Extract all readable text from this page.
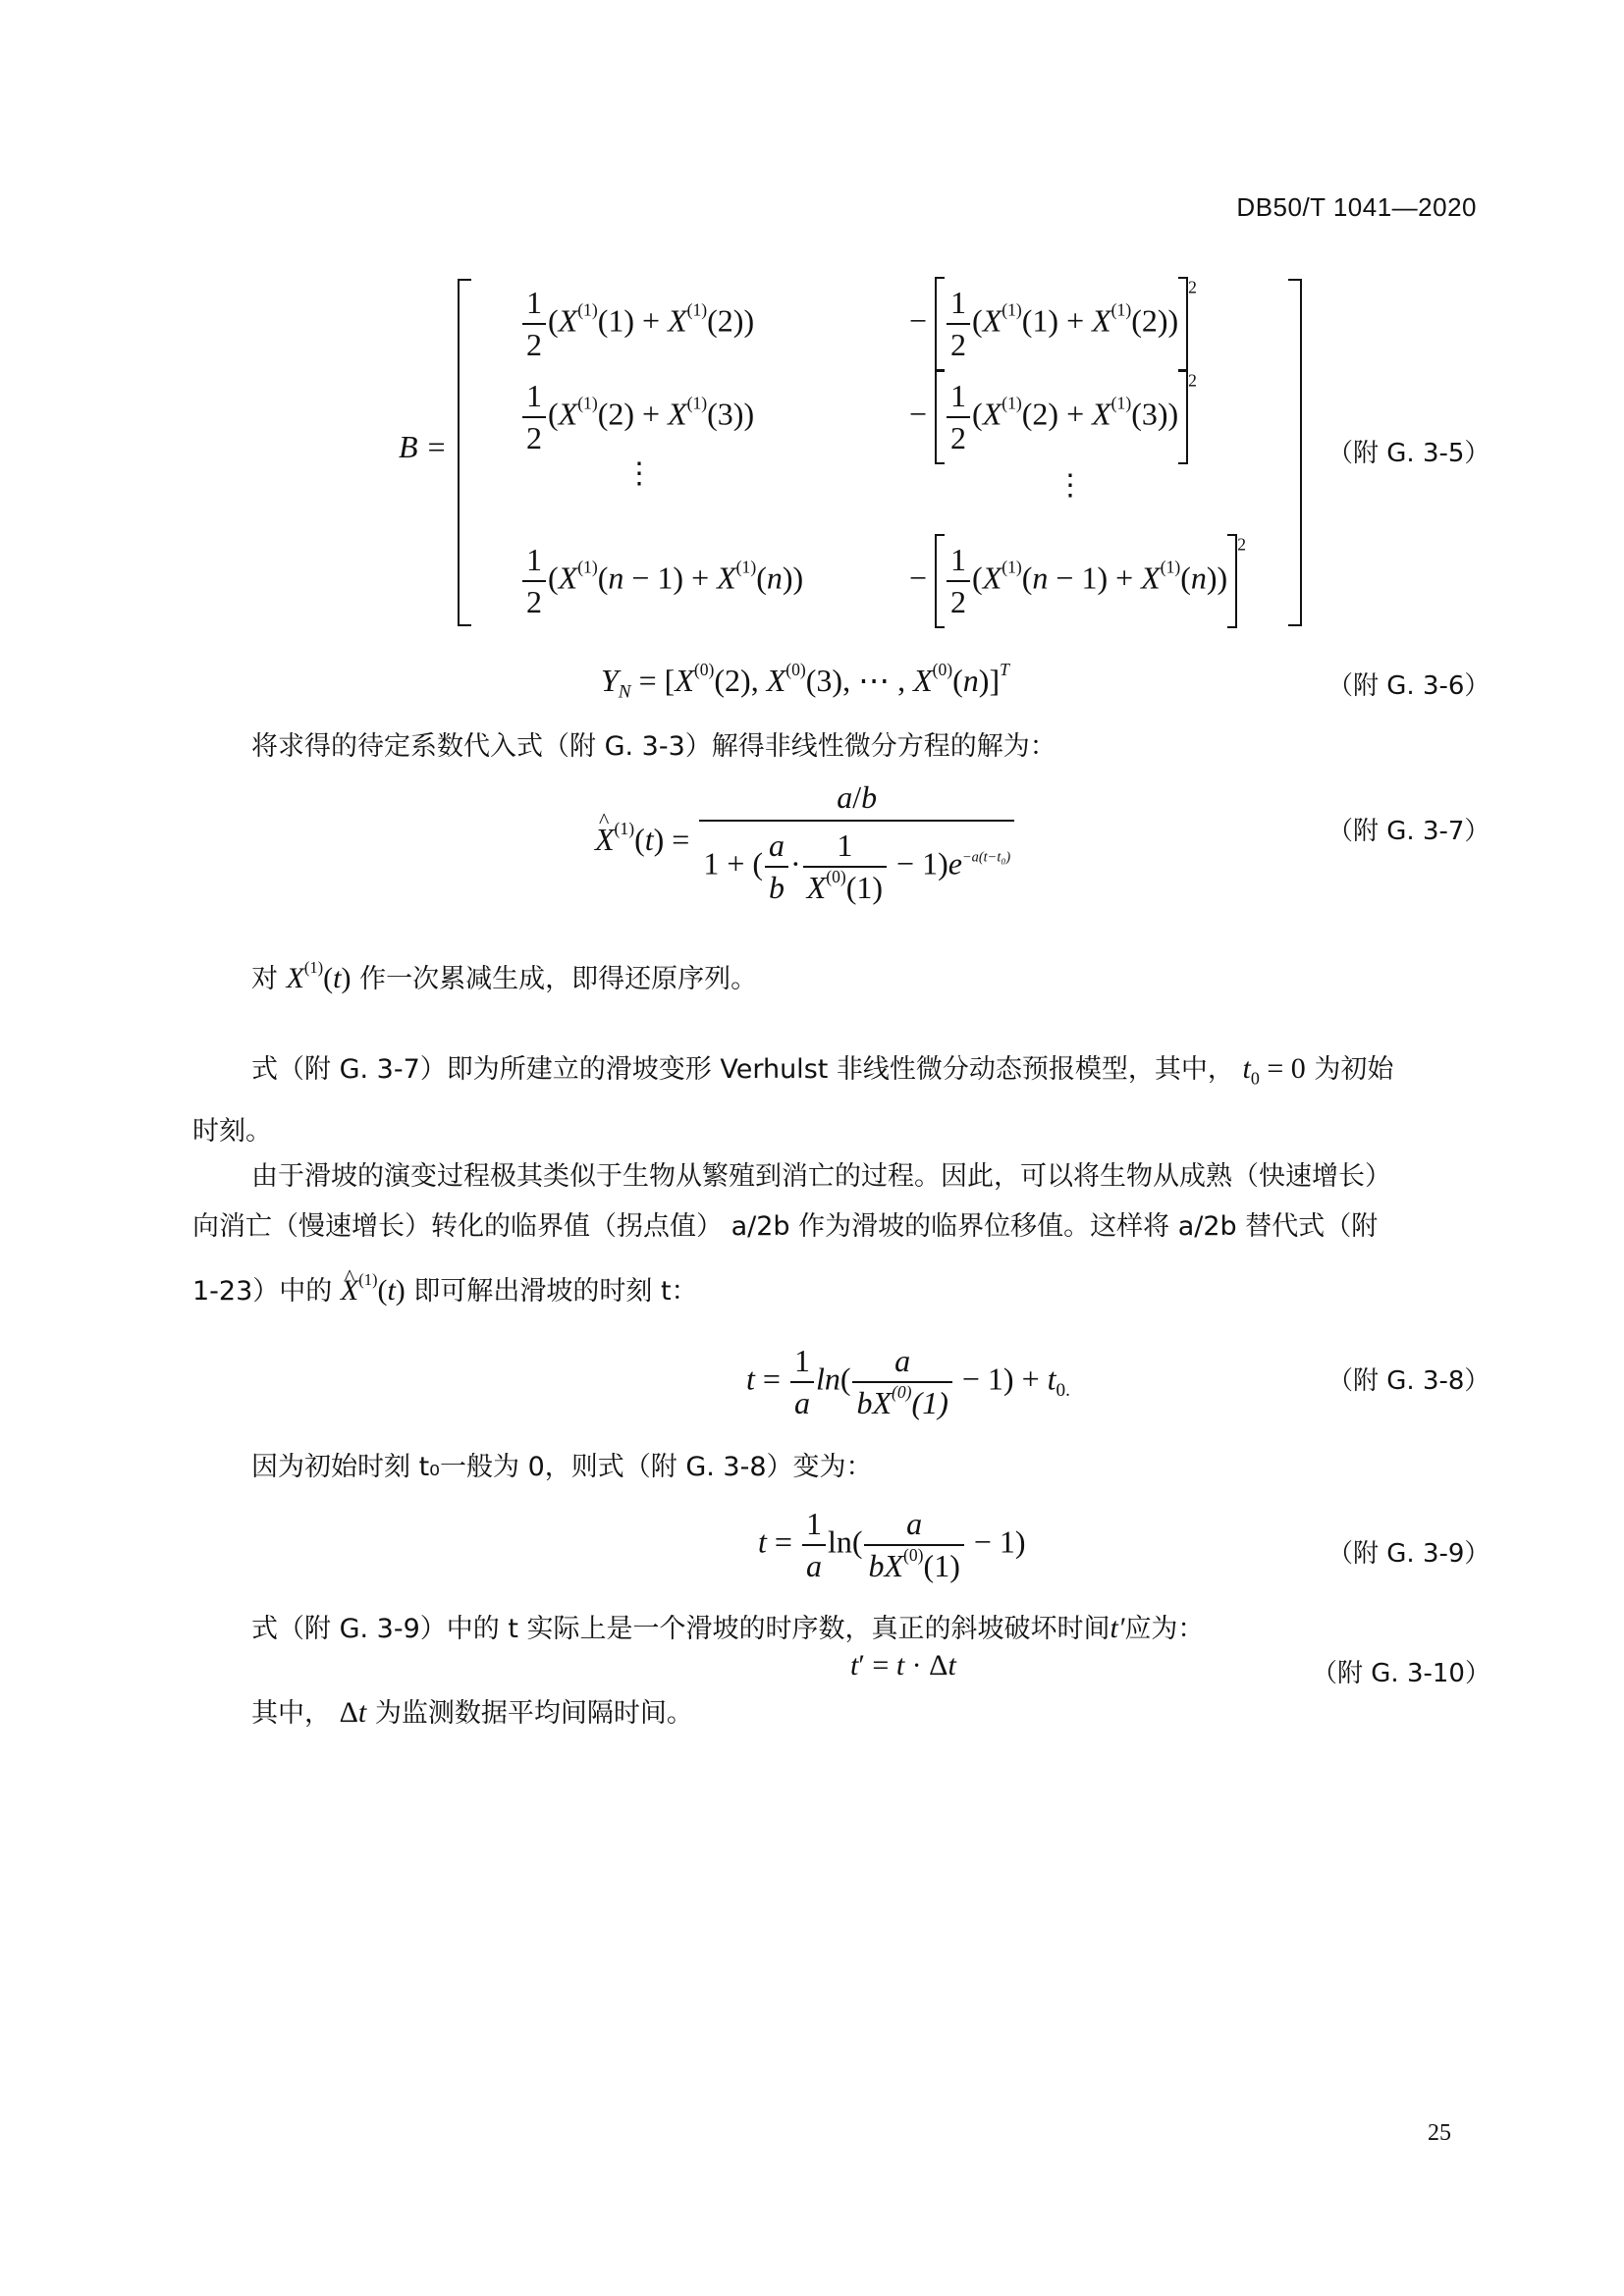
DB50/T 1041—2020
B =
$\frac{1}{2} (X^{(1)}(1) + X^{(1)}(2))$	− $\frac{1}{2} (X^{(1)}(1) + X^{(1)}(2))^2$
$\frac{1}{2} (X^{(1)}(2) + X^{(1)}(3))$	− $\frac{1}{2} (X^{(1)}(2) + X^{(1)}(3))^2$
⋮	⋮
$\frac{1}{2} (X^{(1)}(n - 1) + X^{(1)}(n))$	− $\frac{1}{2} (X^{(1)}(n - 1) + X^{(1)}(n))^2$
（附 G. 3-5）
$Y_N = [X^{(0)}(2)$, $X^{(0)}(3)$, ⋯ , $X^{(0)}(n)]^T$
（附 G. 3-6）
将求得的待定系数代入式（附 G. 3-3）解得非线性微分方程的解为：
^ $X^{(1)}(t) = \frac{a/b}{1 + ( \frac{a}{b} \cdot \frac{1}{X^{(0)}(1)} - 1)e^{-a(t-t_0)}}$	（附 G. 3-7）
对 $X^{(1)}(t)$ 作一次累减生成，即得还原序列。
式（附 G. 3-7）即为所建立的滑坡变形 Verhulst 非线性微分动态预报模型，其中， $t_0 = 0$ 为初始
时刻。
由于滑坡的演变过程极其类似于生物从繁殖到消亡的过程。因此，可以将生物从成熟（快速增长）
向消亡（慢速增长）转化的临界值（拐点值） a/2b 作为滑坡的临界位移值。这样将 a/2b 替代式（附
1-23）中的 ^ $X^{(1)}(t)$ 即可解出滑坡的时刻 t：
$t = \frac{1}{a} \ln( \frac{a}{bX^{(0)}(1)} - 1) + t_{0.}$	（附 G. 3-8）
因为初始时刻 t₀一般为 0，则式（附 G. 3-8）变为：
$t = \frac{1}{a} \ln( \frac{a}{bX^{(0)}(1)} - 1)$	（附 G. 3-9）
式（附 G. 3-9）中的 t 实际上是一个滑坡的时序数，真正的斜坡破坏时间t′应为：
t′ = t · Δt	（附 G. 3-10）
其中， Δt 为监测数据平均间隔时间。
25
